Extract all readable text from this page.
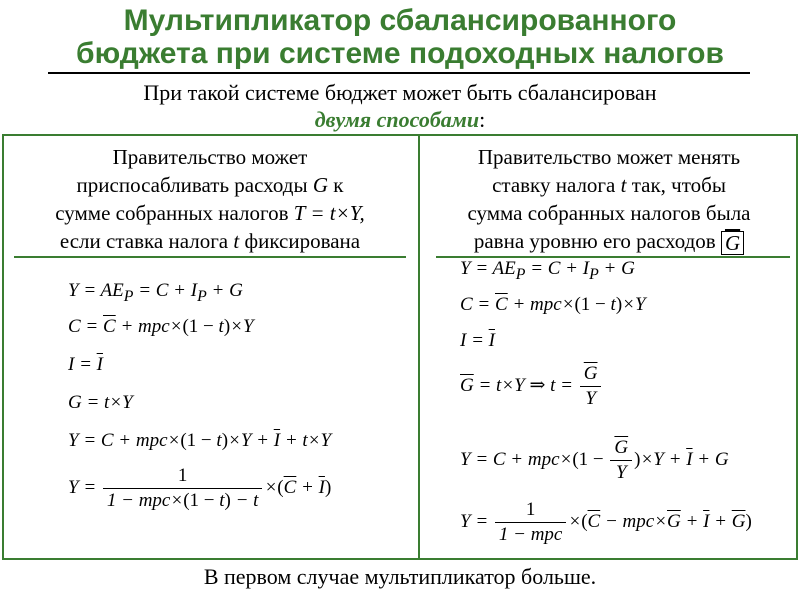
Мультипликатор сбалансированного
бюджета при системе подоходных налогов
При такой системе бюджет может быть сбалансирован
двумя способами:
Правительство может
приспосабливать расходы G к
сумме собранных налогов T = t×Y,
если ставка налога t фиксирована
$Y = AE_P = C + I_P + G$
$C = \overline{C} + mpc\times(1 - t)\times Y$
$I = \overline{I}$
G = t×Y
$Y = C + mpc\times(1 - t)\times Y + \overline{I} + t\times Y$
$Y = \frac{1}{\text{1 − mpc×(1 − t) − t}} \times(\overline{C} + \overline{I})$
Правительство может менять
ставку налога t так, чтобы
сумма собранных налогов была
равна уровню его расходов $\overline{G}$
$Y = AE_P = C + I_P + G$
$C = \overline{C} + mpc\times(1 - t)\times Y$
$I = \overline{I}$
$\overline{G} = t\times Y$ ⇒ $t = \frac{\overline{G}}{Y}$
$Y = C + mpc\times(1 - \frac{\overline{G}}{Y} )\times Y + \overline{I} + G$
$Y = \frac{1}{\text{1 − mpc}} \times(\overline{C} - mpc\times\overline{G} + \overline{I} + \overline{G})$
В первом случае мультипликатор больше.
